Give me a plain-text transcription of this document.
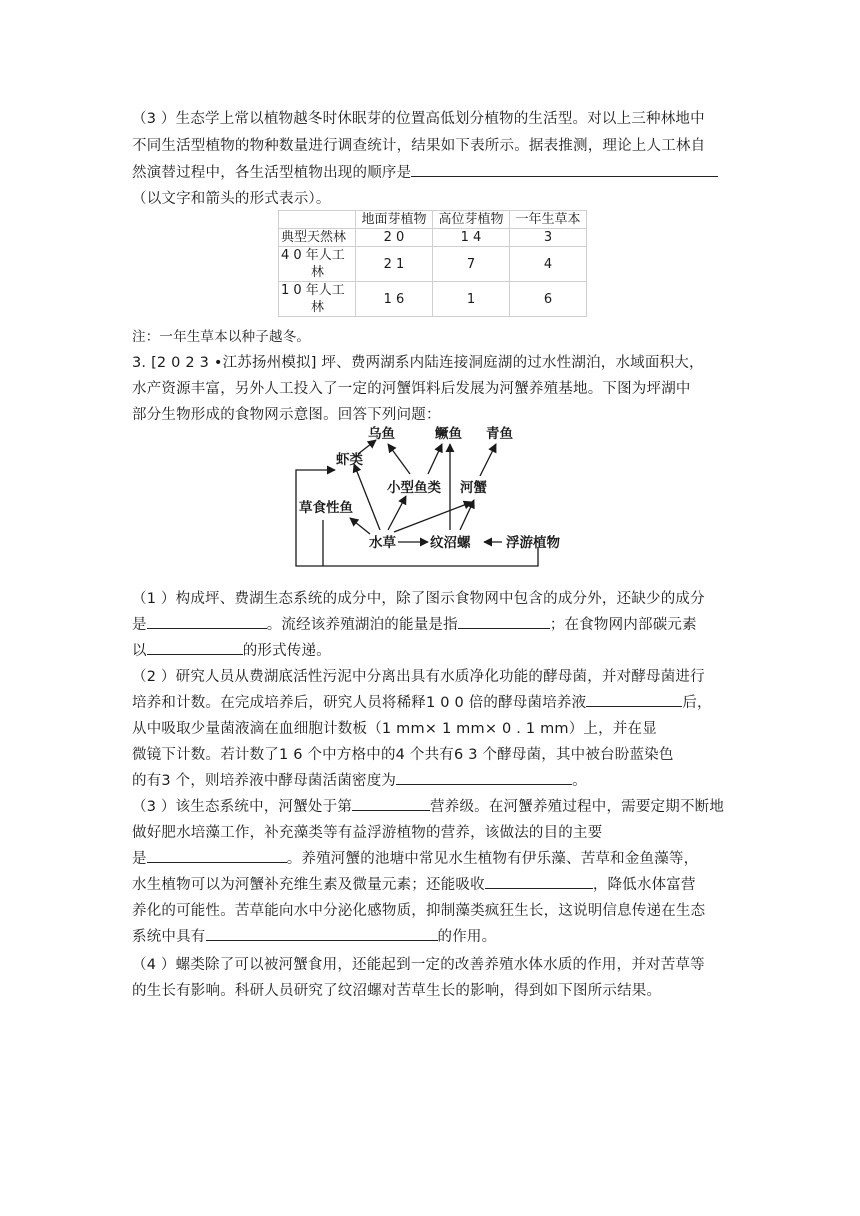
（3 ）生态学上常以植物越冬时休眠芽的位置高低划分植物的生活型。对以上三种林地中
不同生活型植物的物种数量进行调查统计，结果如下表所示。据表推测，理论上人工林自
然演替过程中，各生活型植物出现的顺序是
（以文字和箭头的形式表示）。
	地面芽植物	高位芽植物	一年生草本
典型天然林	2 0	1 4	3
4 0 年人工
林	2 1	7	4
1 0 年人工
林	1 6	1	6
注：一年生草本以种子越冬。
3. [2 0 2 3 •江苏扬州模拟] 坪、费两湖系内陆连接洞庭湖的过水性湖泊，水域面积大，
水产资源丰富，另外人工投入了一定的河蟹饵料后发展为河蟹养殖基地。下图为坪湖中
部分生物形成的食物网示意图。回答下列问题：
乌鱼	鳜鱼 青鱼
虾类
小型鱼类 河蟹
草食性鱼
水草	纹沼螺	浮游植物
（1 ）构成坪、费湖生态系统的成分中，除了图示食物网中包含的成分外，还缺少的成分
是	。流经该养殖湖泊的能量是指	；在食物网内部碳元素
以	的形式传递。
（2 ）研究人员从费湖底活性污泥中分离出具有水质净化功能的酵母菌，并对酵母菌进行
培养和计数。在完成培养后，研究人员将稀释1 0 0 倍的酵母菌培养液	后，
从中吸取少量菌液滴在血细胞计数板（1 mm× 1 mm× 0 . 1 mm）上，并在显
微镜下计数。若计数了1 6 个中方格中的4 个共有6 3 个酵母菌，其中被台盼蓝染色
的有3 个，则培养液中酵母菌活菌密度为	。
（3 ）该生态系统中，河蟹处于第	营养级。在河蟹养殖过程中，需要定期不断地
做好肥水培藻工作，补充藻类等有益浮游植物的营养，该做法的目的主要
是	。养殖河蟹的池塘中常见水生植物有伊乐藻、苦草和金鱼藻等，
水生植物可以为河蟹补充维生素及微量元素；还能吸收	，降低水体富营
养化的可能性。苦草能向水中分泌化感物质，抑制藻类疯狂生长，这说明信息传递在生态
系统中具有	的作用。
（4 ）螺类除了可以被河蟹食用，还能起到一定的改善养殖水体水质的作用，并对苦草等
的生长有影响。科研人员研究了纹沼螺对苦草生长的影响，得到如下图所示结果。
